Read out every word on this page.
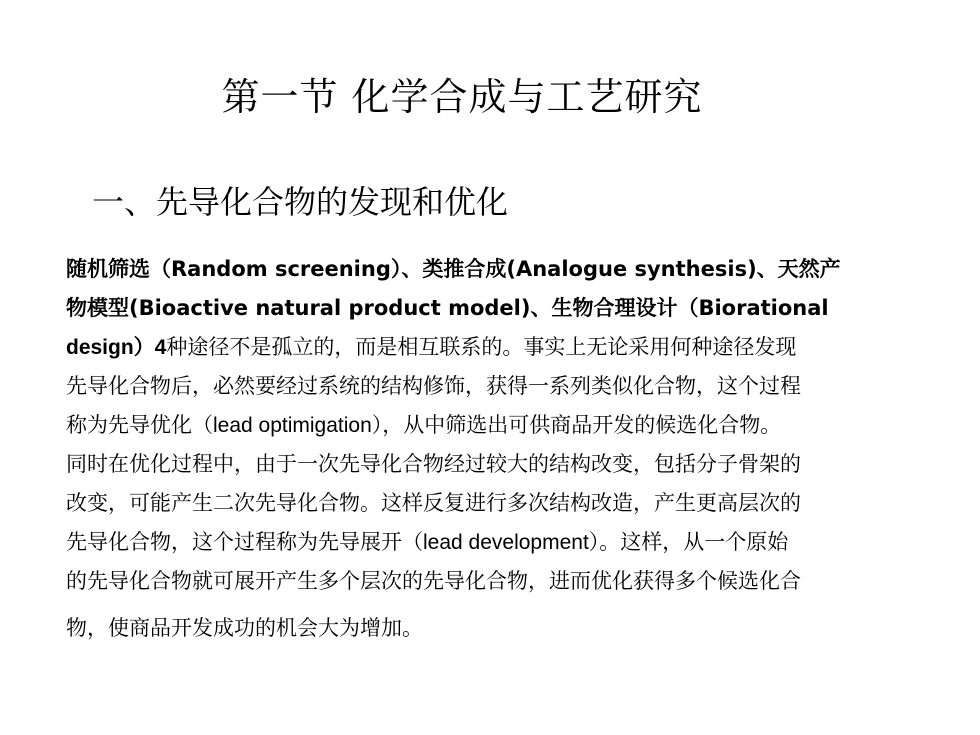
第一节 化学合成与工艺研究
一、先导化合物的发现和优化
随机筛选（Random screening）、类推合成(Analogue synthesis)、天然产
物模型(Bioactive natural product model)、生物合理设计（Biorational
design）4种途径不是孤立的，而是相互联系的。事实上无论采用何种途径发现
先导化合物后，必然要经过系统的结构修饰，获得一系列类似化合物，这个过程
称为先导优化（lead optimigation），从中筛选出可供商品开发的候选化合物。
同时在优化过程中，由于一次先导化合物经过较大的结构改变，包括分子骨架的
改变，可能产生二次先导化合物。这样反复进行多次结构改造，产生更高层次的
先导化合物，这个过程称为先导展开（lead development）。这样，从一个原始
的先导化合物就可展开产生多个层次的先导化合物，进而优化获得多个候选化合
物，使商品开发成功的机会大为增加。
